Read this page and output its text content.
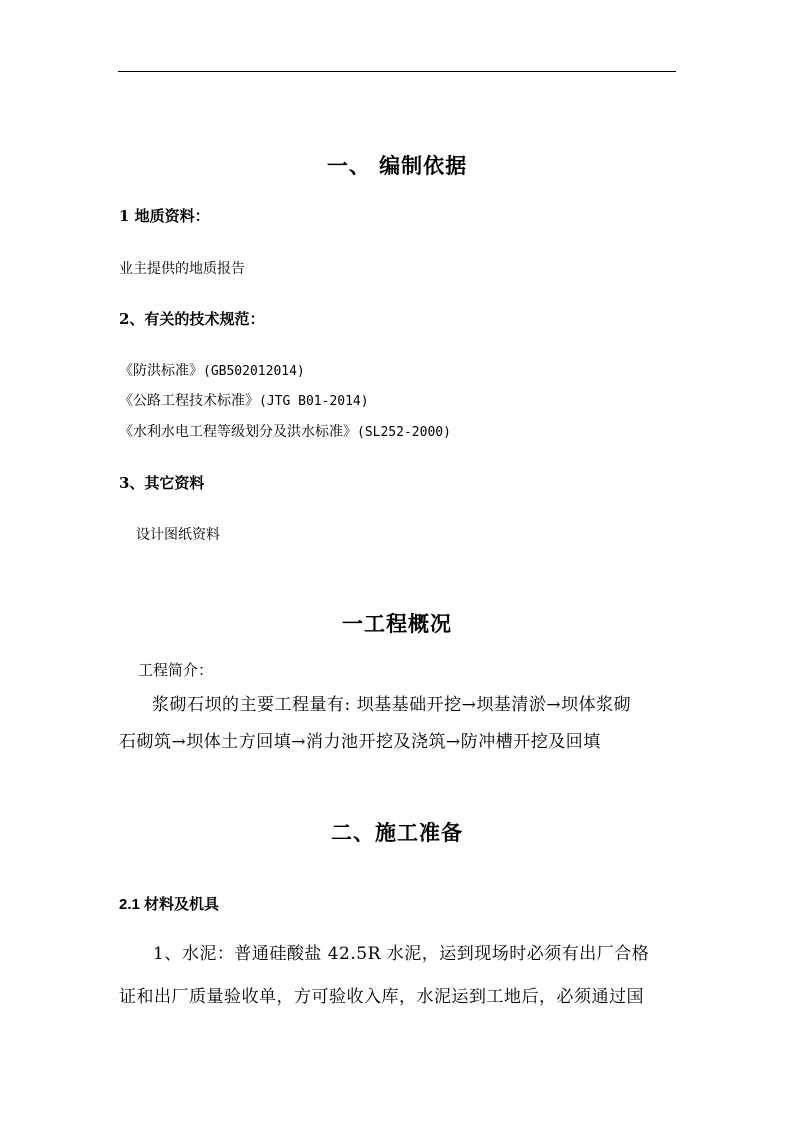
一、 编制依据
1 地质资料：
业主提供的地质报告
2、有关的技术规范：
《防洪标准》(GB502012014)
《公路工程技术标准》(JTG B01-2014)
《水利水电工程等级划分及洪水标准》(SL252-2000)
3、其它资料
设计图纸资料
一工程概况
工程简介：
浆砌石坝的主要工程量有: 坝基基础开挖→坝基清淤→坝体浆砌
石砌筑→坝体土方回填→消力池开挖及浇筑→防冲槽开挖及回填
二、施工准备
2.1 材料及机具
1、水泥：普通硅酸盐 42.5R 水泥，运到现场时必须有出厂合格
证和出厂质量验收单，方可验收入库，水泥运到工地后，必须通过国
